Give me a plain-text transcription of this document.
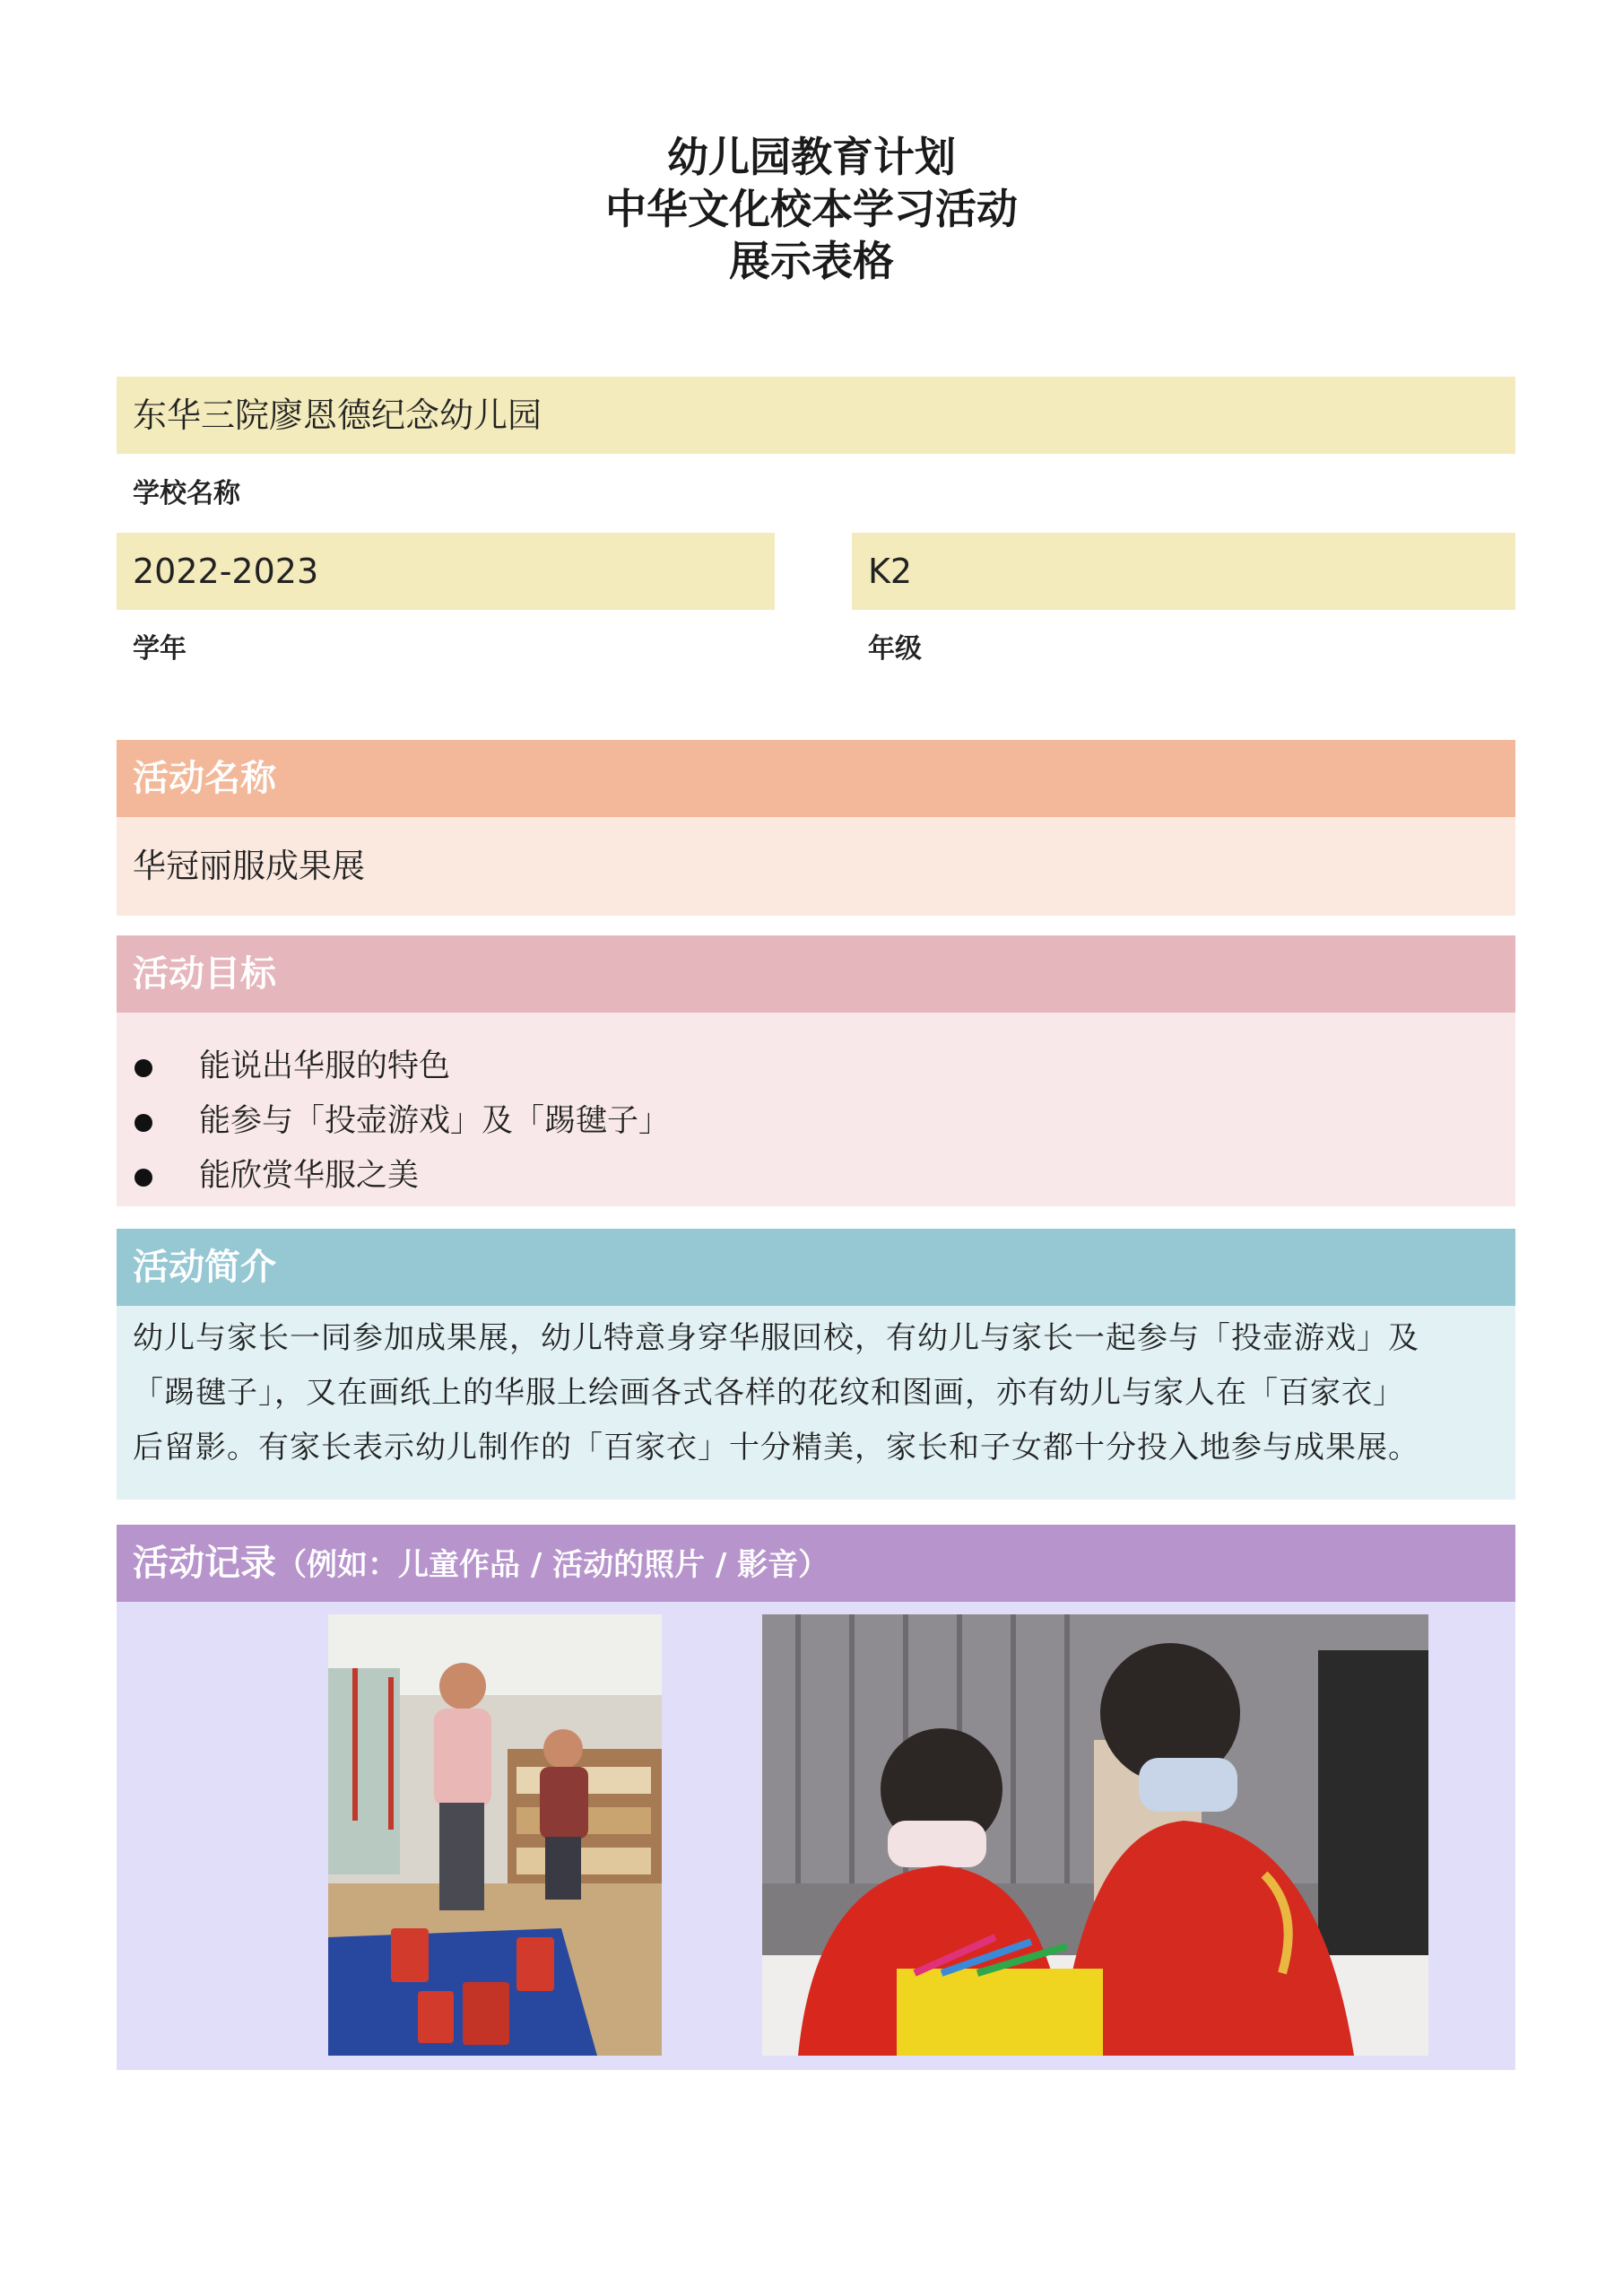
幼儿园教育计划
中华文化校本学习活动
展示表格
东华三院廖恩德纪念幼儿园
学校名称
2022-2023
学年
K2
年级
活动名称
华冠丽服成果展
活动目标
能说出华服的特色
能参与「投壶游戏」及「踢毽子」
能欣赏华服之美
活动简介
幼儿与家长一同参加成果展，幼儿特意身穿华服回校，有幼儿与家长一起参与「投壶游戏」及
「踢毽子」，又在画纸上的华服上绘画各式各样的花纹和图画，亦有幼儿与家人在「百家衣」
后留影。有家长表示幼儿制作的「百家衣」十分精美，家长和子女都十分投入地参与成果展。
活动记录（例如：儿童作品 / 活动的照片 / 影音）
